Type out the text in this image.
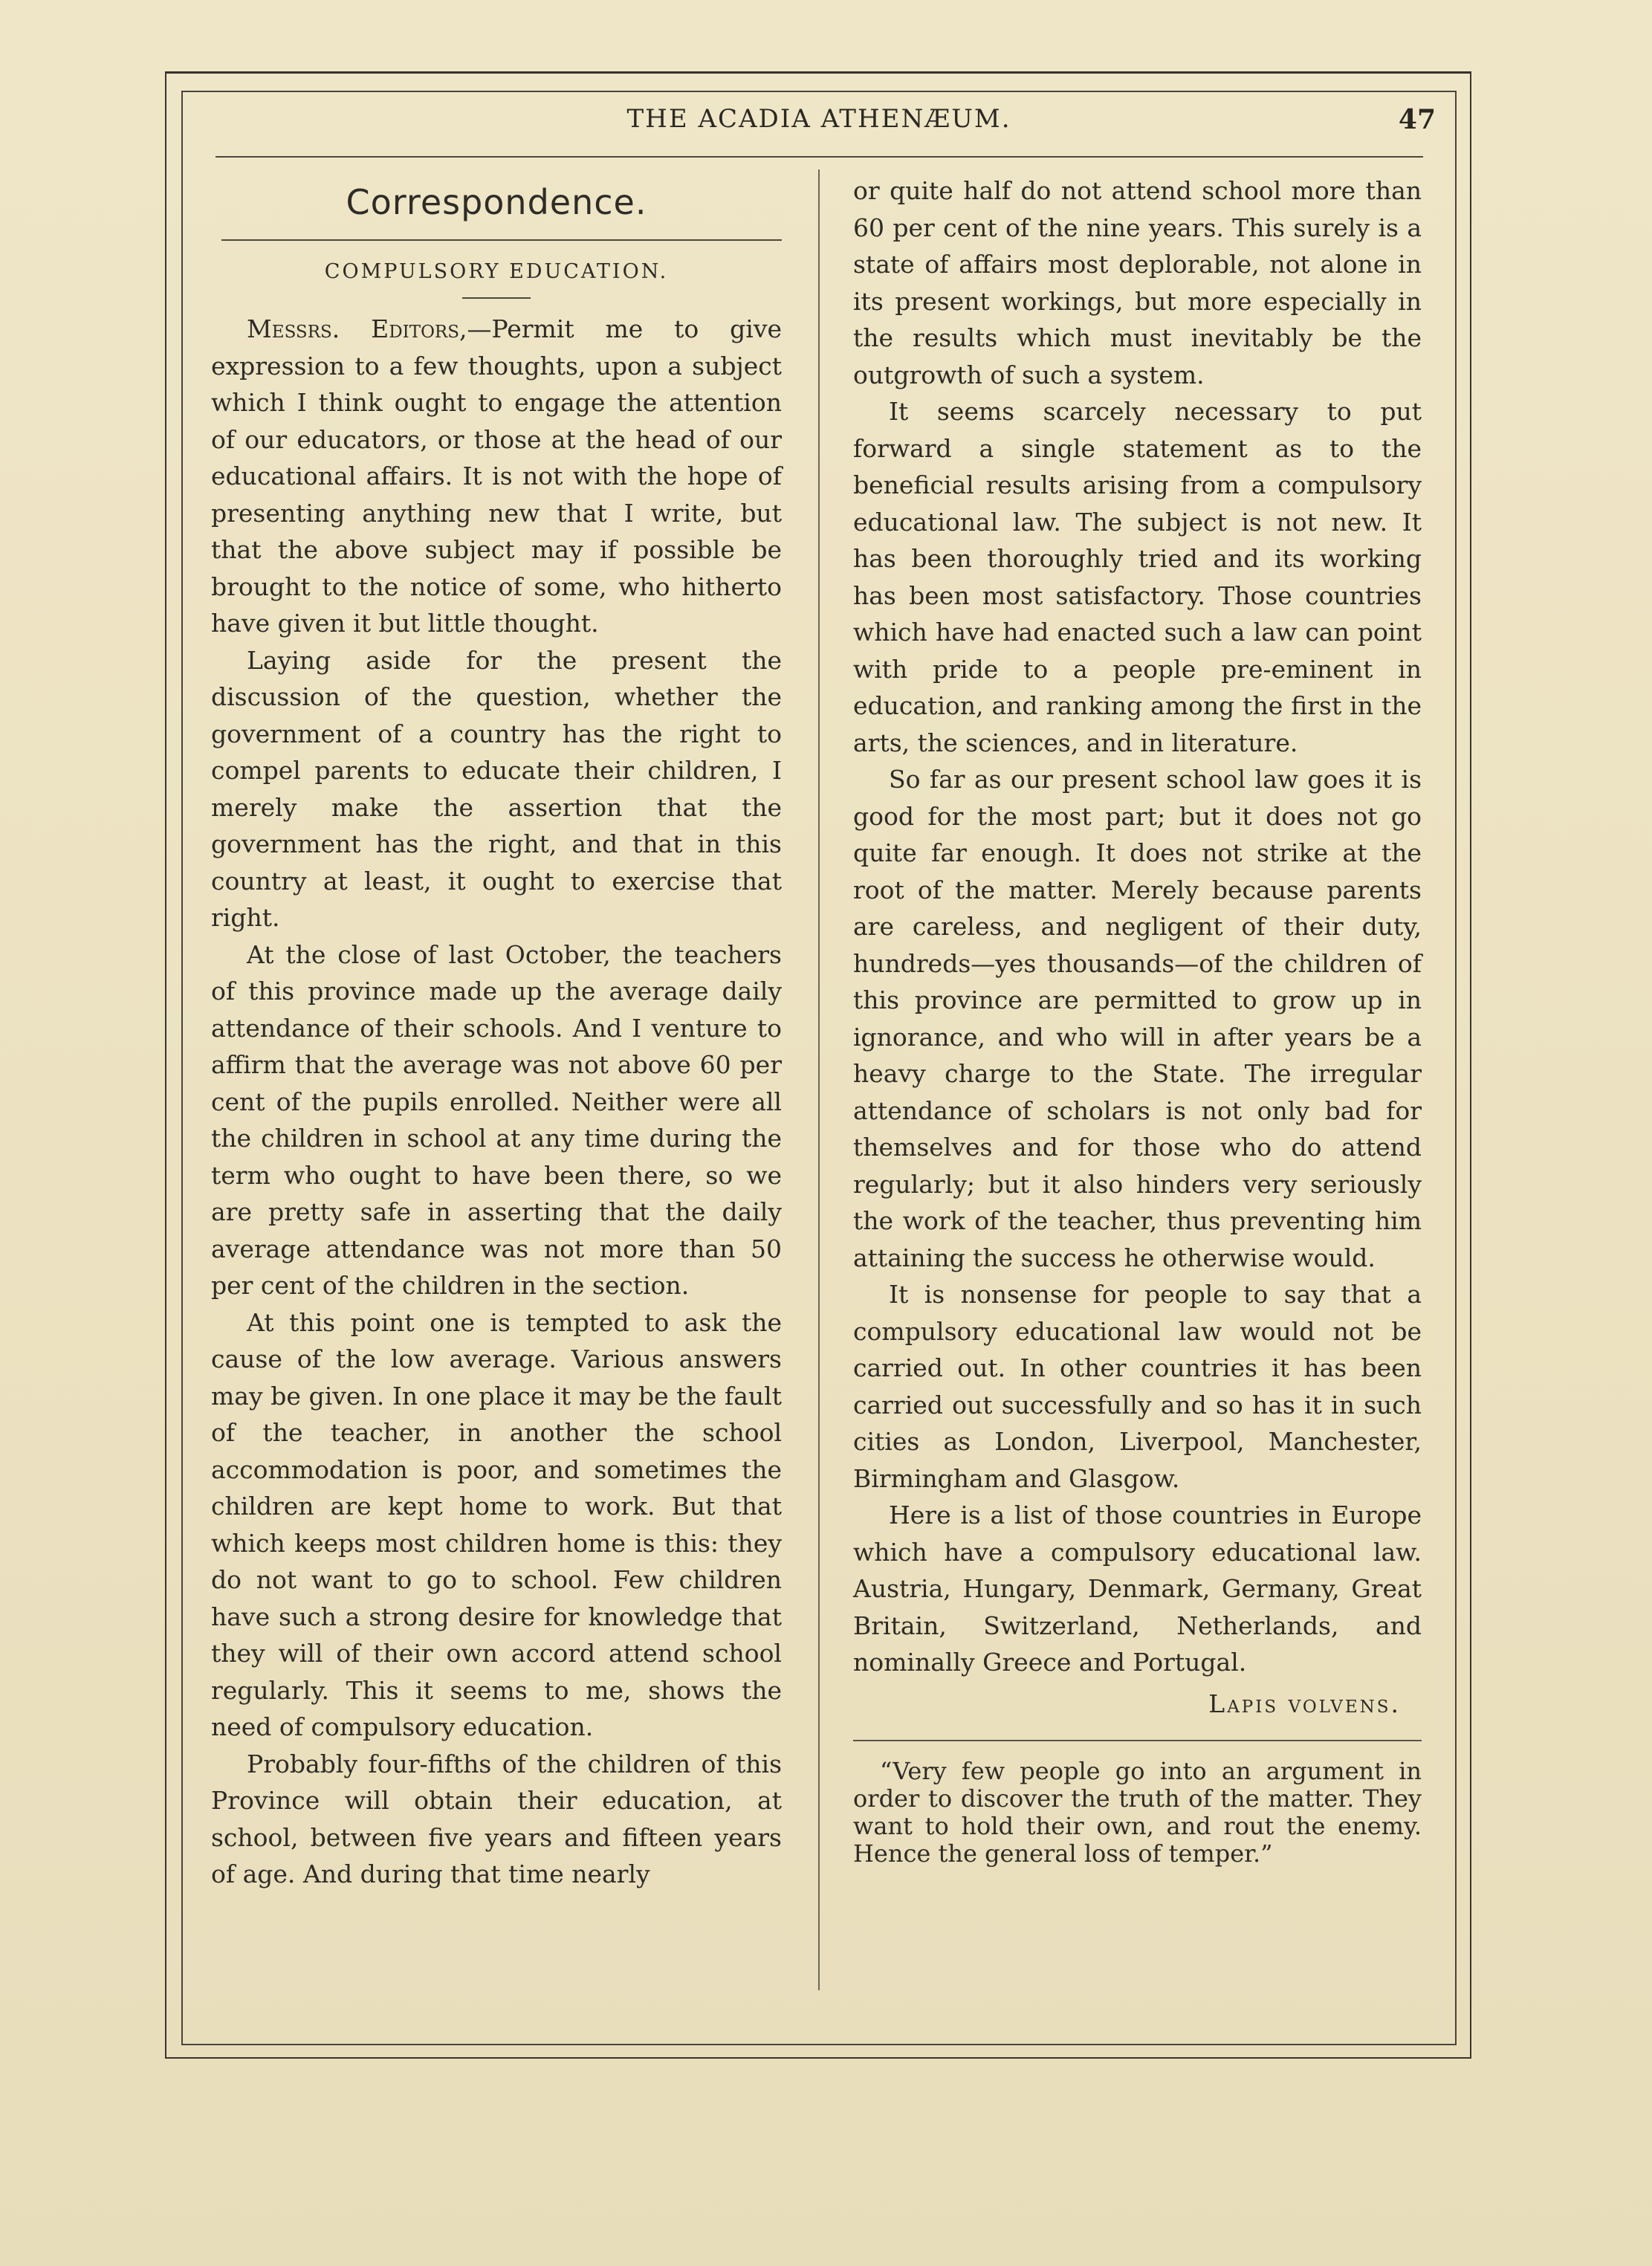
THE ACADIA ATHENÆUM.	47
Correspondence.
COMPULSORY EDUCATION.

Messrs. Editors,—Permit me to give expression to a few thoughts, upon a subject which I think ought to engage the attention of our educators, or those at the head of our educational affairs. It is not with the hope of presenting anything new that I write, but that the above subject may if possible be brought to the notice of some, who hitherto have given it but little thought.

Laying aside for the present the discussion of the question, whether the government of a country has the right to compel parents to educate their children, I merely make the assertion that the government has the right, and that in this country at least, it ought to exercise that right.

At the close of last October, the teachers of this province made up the average daily attendance of their schools. And I venture to affirm that the average was not above 60 per cent of the pupils enrolled. Neither were all the children in school at any time during the term who ought to have been there, so we are pretty safe in asserting that the daily average attendance was not more than 50 per cent of the children in the section.

At this point one is tempted to ask the cause of the low average. Various answers may be given. In one place it may be the fault of the teacher, in another the school accommodation is poor, and sometimes the children are kept home to work. But that which keeps most children home is this: they do not want to go to school. Few children have such a strong desire for knowledge that they will of their own accord attend school regularly. This it seems to me, shows the need of compulsory education.

Probably four-fifths of the children of this Province will obtain their education, at school, between five years and fifteen years of age. And during that time nearly

or quite half do not attend school more than 60 per cent of the nine years. This surely is a state of affairs most deplorable, not alone in its present workings, but more especially in the results which must inevitably be the outgrowth of such a system.

It seems scarcely necessary to put forward a single statement as to the beneficial results arising from a compulsory educational law. The subject is not new. It has been thoroughly tried and its working has been most satisfactory. Those countries which have had enacted such a law can point with pride to a people pre-eminent in education, and ranking among the first in the arts, the sciences, and in literature.

So far as our present school law goes it is good for the most part; but it does not go quite far enough. It does not strike at the root of the matter. Merely because parents are careless, and negligent of their duty, hundreds—yes thousands—of the children of this province are permitted to grow up in ignorance, and who will in after years be a heavy charge to the State. The irregular attendance of scholars is not only bad for themselves and for those who do attend regularly; but it also hinders very seriously the work of the teacher, thus preventing him attaining the success he otherwise would.

It is nonsense for people to say that a compulsory educational law would not be carried out. In other countries it has been carried out successfully and so has it in such cities as London, Liverpool, Manchester, Birmingham and Glasgow.

Here is a list of those countries in Europe which have a compulsory educational law. Austria, Hungary, Denmark, Germany, Great Britain, Switzerland, Netherlands, and nominally Greece and Portugal.

Lapis volvens.
“Very few people go into an argument in order to discover the truth of the matter. They want to hold their own, and rout the enemy. Hence the general loss of temper.”
